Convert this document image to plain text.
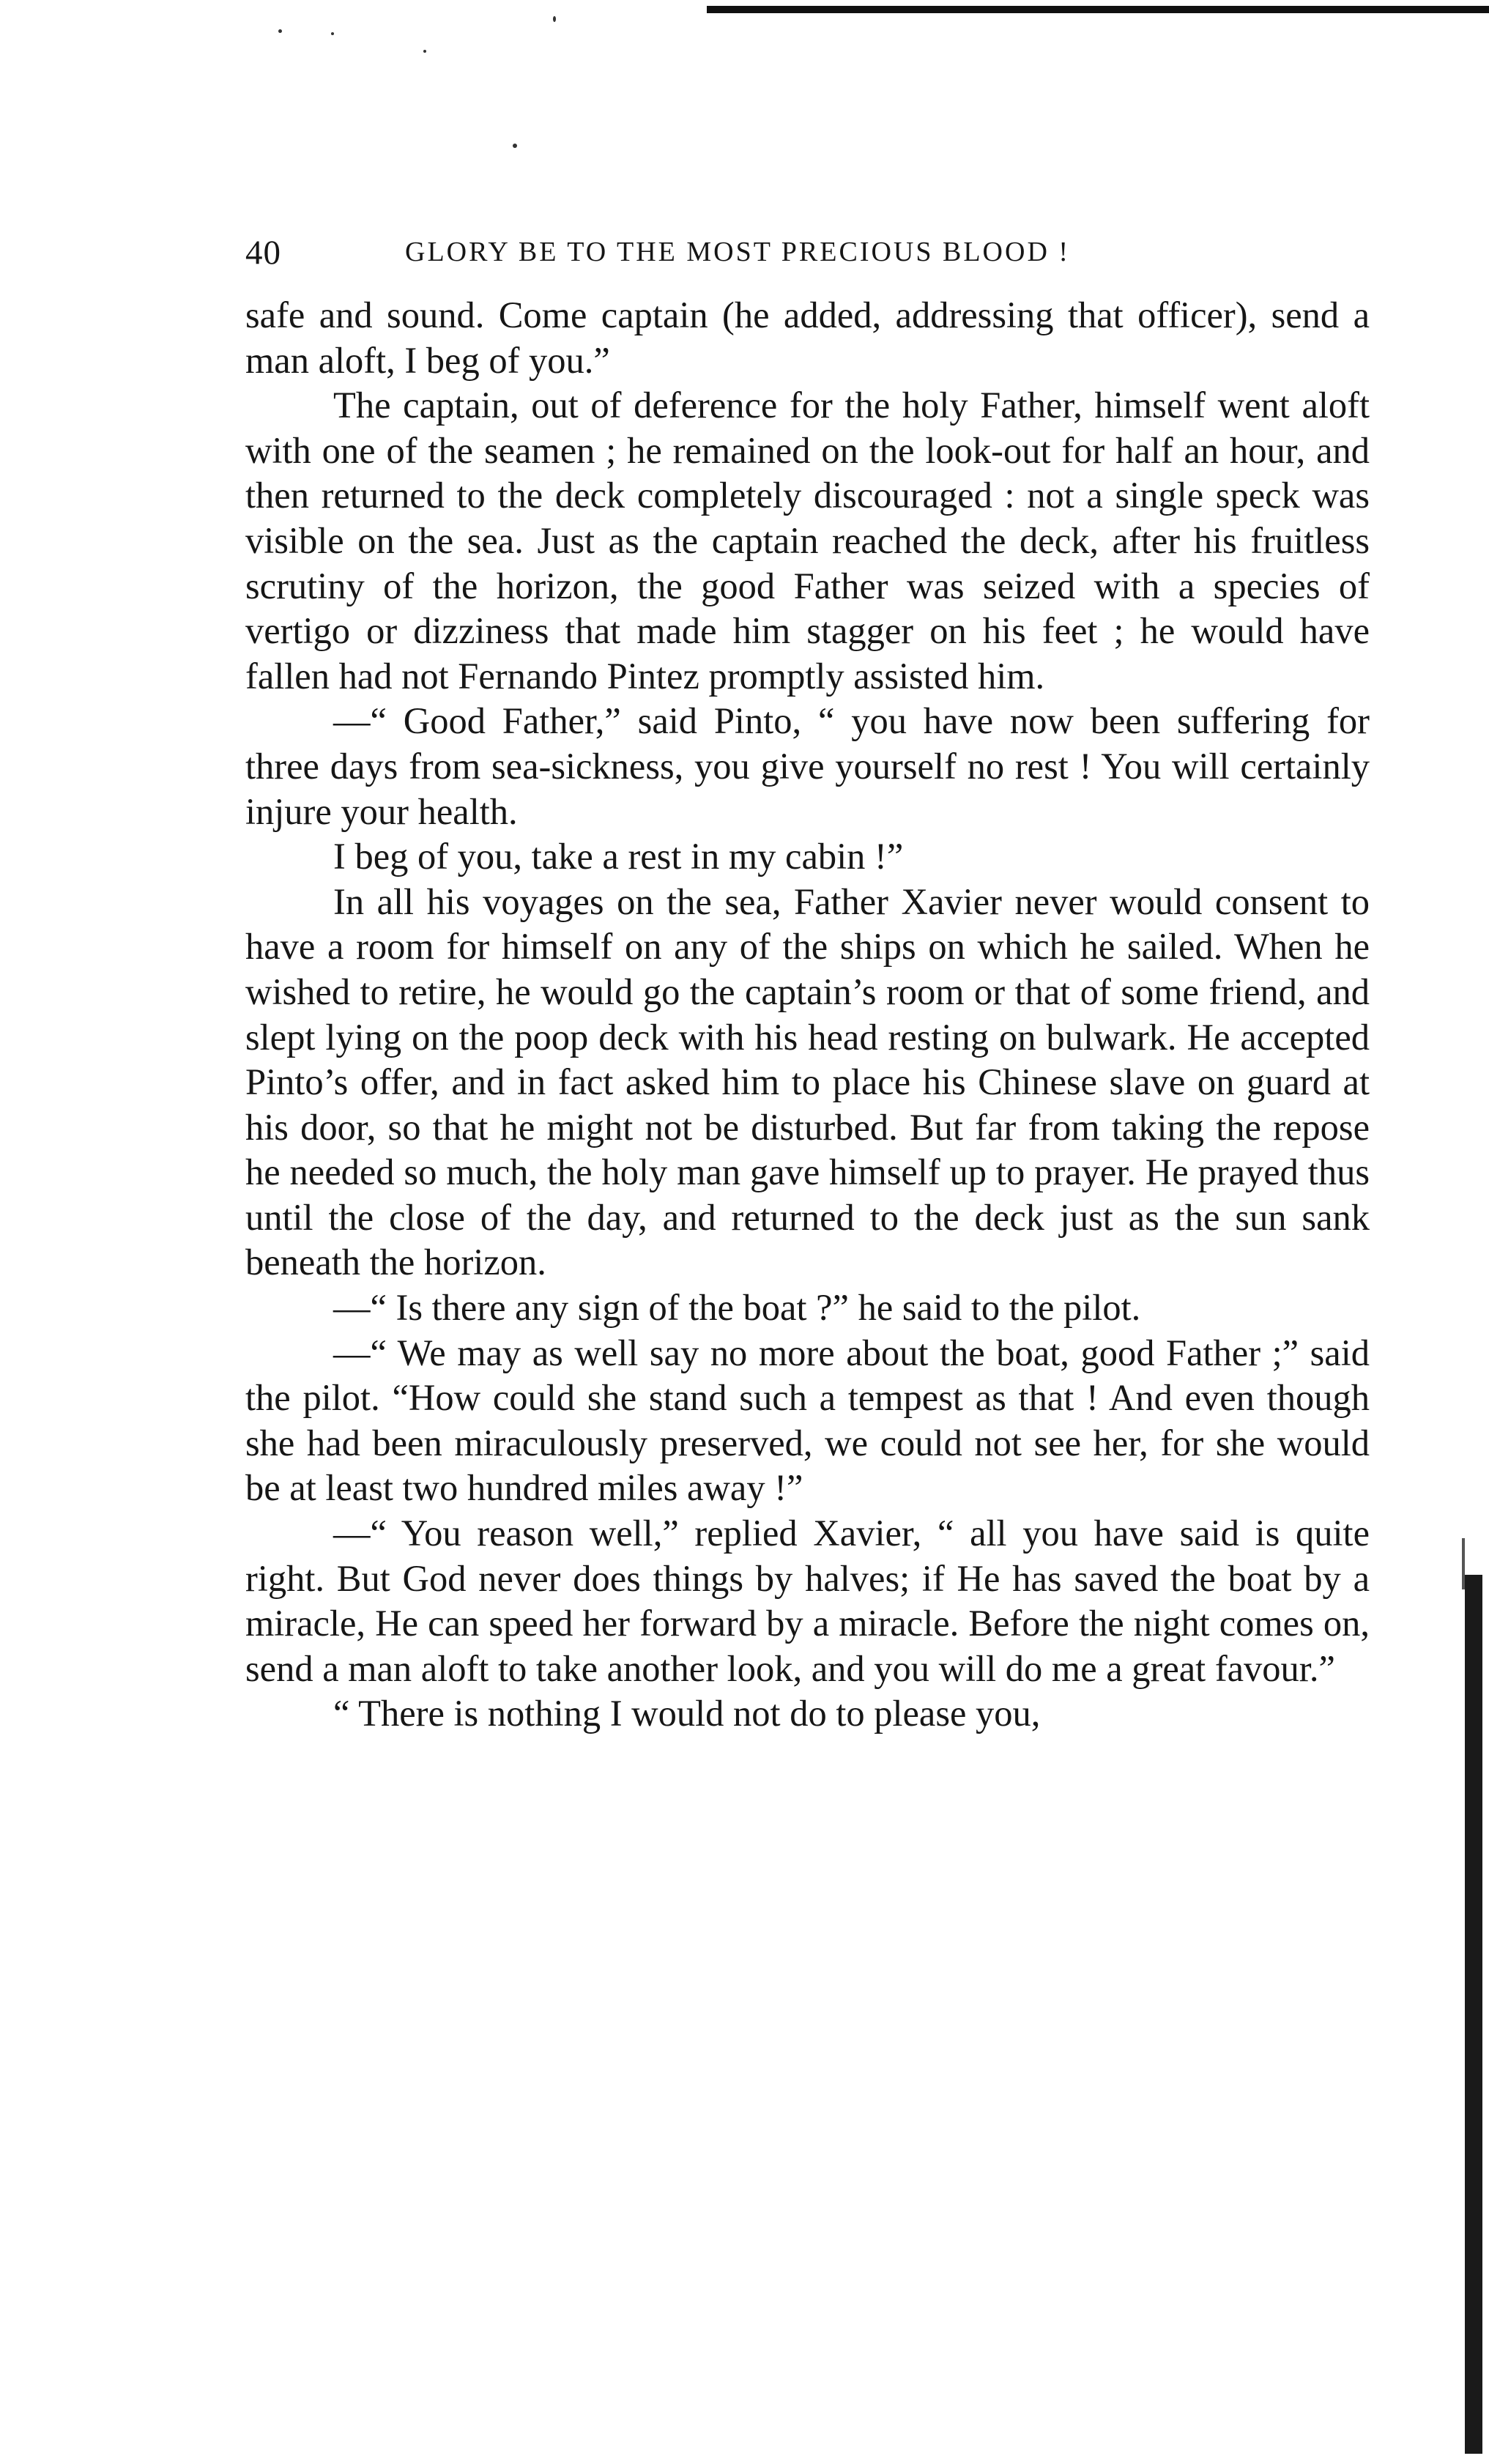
40	GLORY BE TO THE MOST PRECIOUS BLOOD !

safe and sound. Come captain (he added, addressing that officer), send a man aloft, I beg of you.”

The captain, out of deference for the holy Father, himself went aloft with one of the seamen ; he remained on the look-out for half an hour, and then returned to the deck completely discouraged : not a single speck was visible on the sea. Just as the captain reached the deck, after his fruitless scrutiny of the horizon, the good Father was seized with a species of vertigo or dizziness that made him stagger on his feet ; he would have fallen had not Fernando Pintez promptly assisted him.

—“ Good Father,” said Pinto, “ you have now been suffering for three days from sea-sickness, you give yourself no rest ! You will certainly injure your health.

I beg of you, take a rest in my cabin !”

In all his voyages on the sea, Father Xavier never would consent to have a room for himself on any of the ships on which he sailed. When he wished to retire, he would go the captain’s room or that of some friend, and slept lying on the poop deck with his head resting on bulwark. He accepted Pinto’s offer, and in fact asked him to place his Chinese slave on guard at his door, so that he might not be disturbed. But far from taking the repose he needed so much, the holy man gave himself up to prayer. He prayed thus until the close of the day, and returned to the deck just as the sun sank beneath the horizon.

—“ Is there any sign of the boat ?” he said to the pilot.

—“ We may as well say no more about the boat, good Father ;” said the pilot. “How could she stand such a tempest as that ! And even though she had been miraculously preserved, we could not see her, for she would be at least two hundred miles away !”

—“ You reason well,” replied Xavier, “ all you have said is quite right. But God never does things by halves; if He has saved the boat by a miracle, He can speed her forward by a miracle. Before the night comes on, send a man aloft to take another look, and you will do me a great favour.”

“ There is nothing I would not do to please you,
